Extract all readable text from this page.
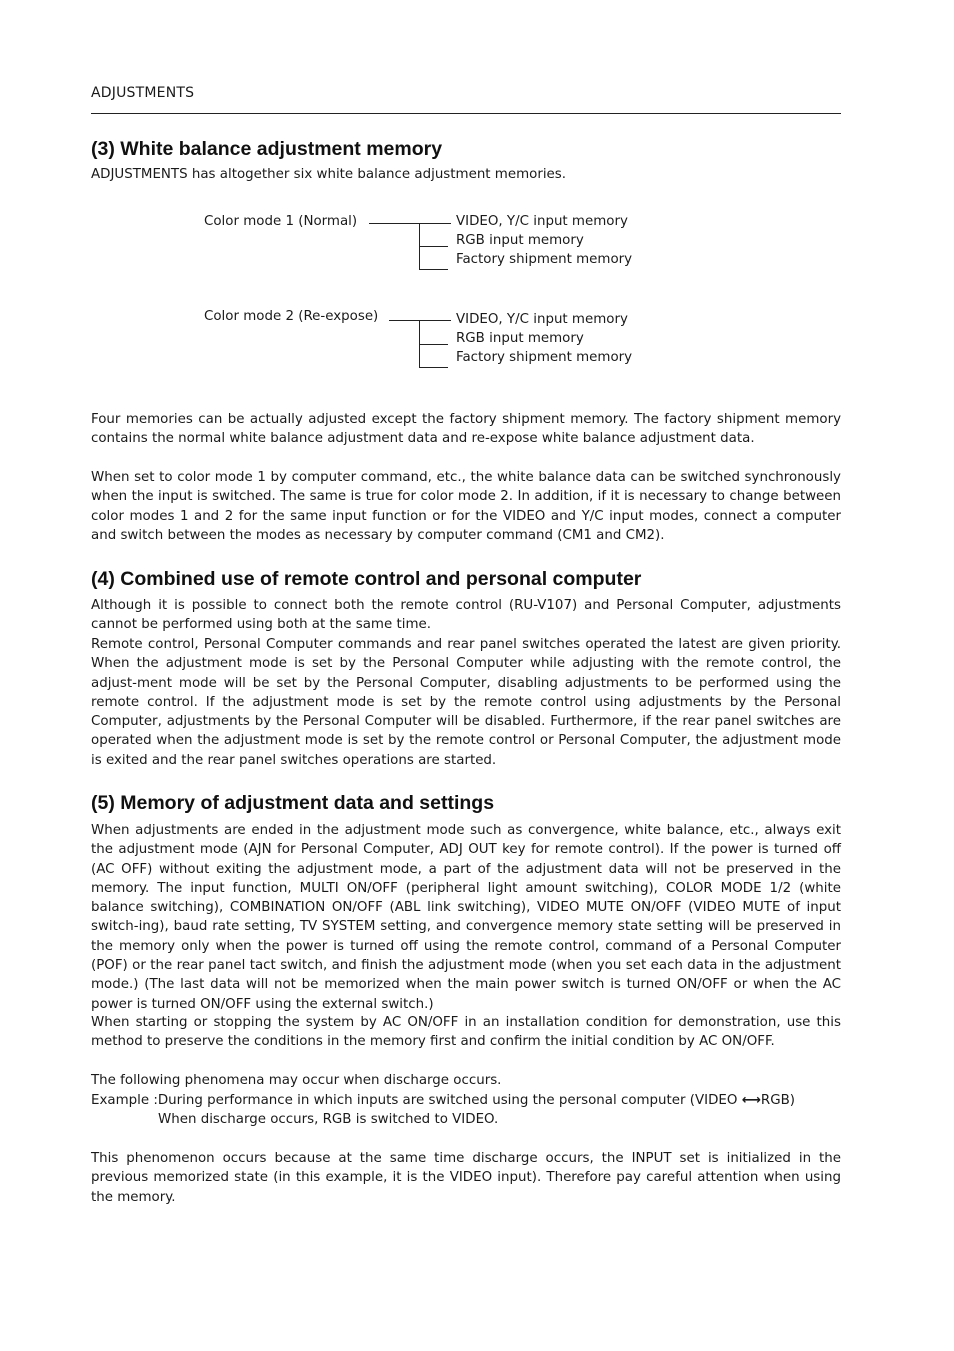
ADJUSTMENTS
(3) White balance adjustment memory

ADJUSTMENTS has altogether six white balance adjustment memories.

Color mode 1 (Normal)	VIDEO, Y/C input memory
RGB input memory
Factory shipment memory
Color mode 2 (Re-expose)	VIDEO, Y/C input memory
RGB input memory
Factory shipment memory

Four memories can be actually adjusted except the factory shipment memory. The factory shipment memory contains the normal white balance adjustment data and re-expose white balance adjustment data.

When set to color mode 1 by computer command, etc., the white balance data can be switched synchronously when the input is switched. The same is true for color mode 2. In addition, if it is necessary to change between color modes 1 and 2 for the same input function or for the VIDEO and Y/C input modes, connect a computer and switch between the modes as necessary by computer command (CM1 and CM2).

(4) Combined use of remote control and personal computer

Although it is possible to connect both the remote control (RU-V107) and Personal Computer, adjustments cannot be performed using both at the same time.

Remote control, Personal Computer commands and rear panel switches operated the latest are given priority. When the adjustment mode is set by the Personal Computer while adjusting with the remote control, the adjust-ment mode will be set by the Personal Computer, disabling adjustments to be performed using the remote control. If the adjustment mode is set by the remote control using adjustments by the Personal Computer, adjustments by the Personal Computer will be disabled. Furthermore, if the rear panel switches are operated when the adjustment mode is set by the remote control or Personal Computer, the adjustment mode is exited and the rear panel switches operations are started.

(5) Memory of adjustment data and settings

When adjustments are ended in the adjustment mode such as convergence, white balance, etc., always exit the adjustment mode (AJN for Personal Computer, ADJ OUT key for remote control). If the power is turned off (AC OFF) without exiting the adjustment mode, a part of the adjustment data will not be preserved in the memory. The input function, MULTI ON/OFF (peripheral light amount switching), COLOR MODE 1/2 (white balance switching), COMBINATION ON/OFF (ABL link switching), VIDEO MUTE ON/OFF (VIDEO MUTE of input switch-ing), baud rate setting, TV SYSTEM setting, and convergence memory state setting will be preserved in the memory only when the power is turned off using the remote control, command of a Personal Computer (POF) or the rear panel tact switch, and finish the adjustment mode (when you set each data in the adjustment mode.) (The last data will not be memorized when the main power switch is turned ON/OFF or when the AC power is turned ON/OFF using the external switch.)

When starting or stopping the system by AC ON/OFF in an installation condition for demonstration, use this method to preserve the conditions in the memory first and confirm the initial condition by AC ON/OFF.

The following phenomena may occur when discharge occurs.

Example :During performance in which inputs are switched using the personal computer (VIDEO ⟷RGB)
When discharge occurs, RGB is switched to VIDEO.

This phenomenon occurs because at the same time discharge occurs, the INPUT set is initialized in the previous memorized state (in this example, it is the VIDEO input). Therefore pay careful attention when using the memory.
